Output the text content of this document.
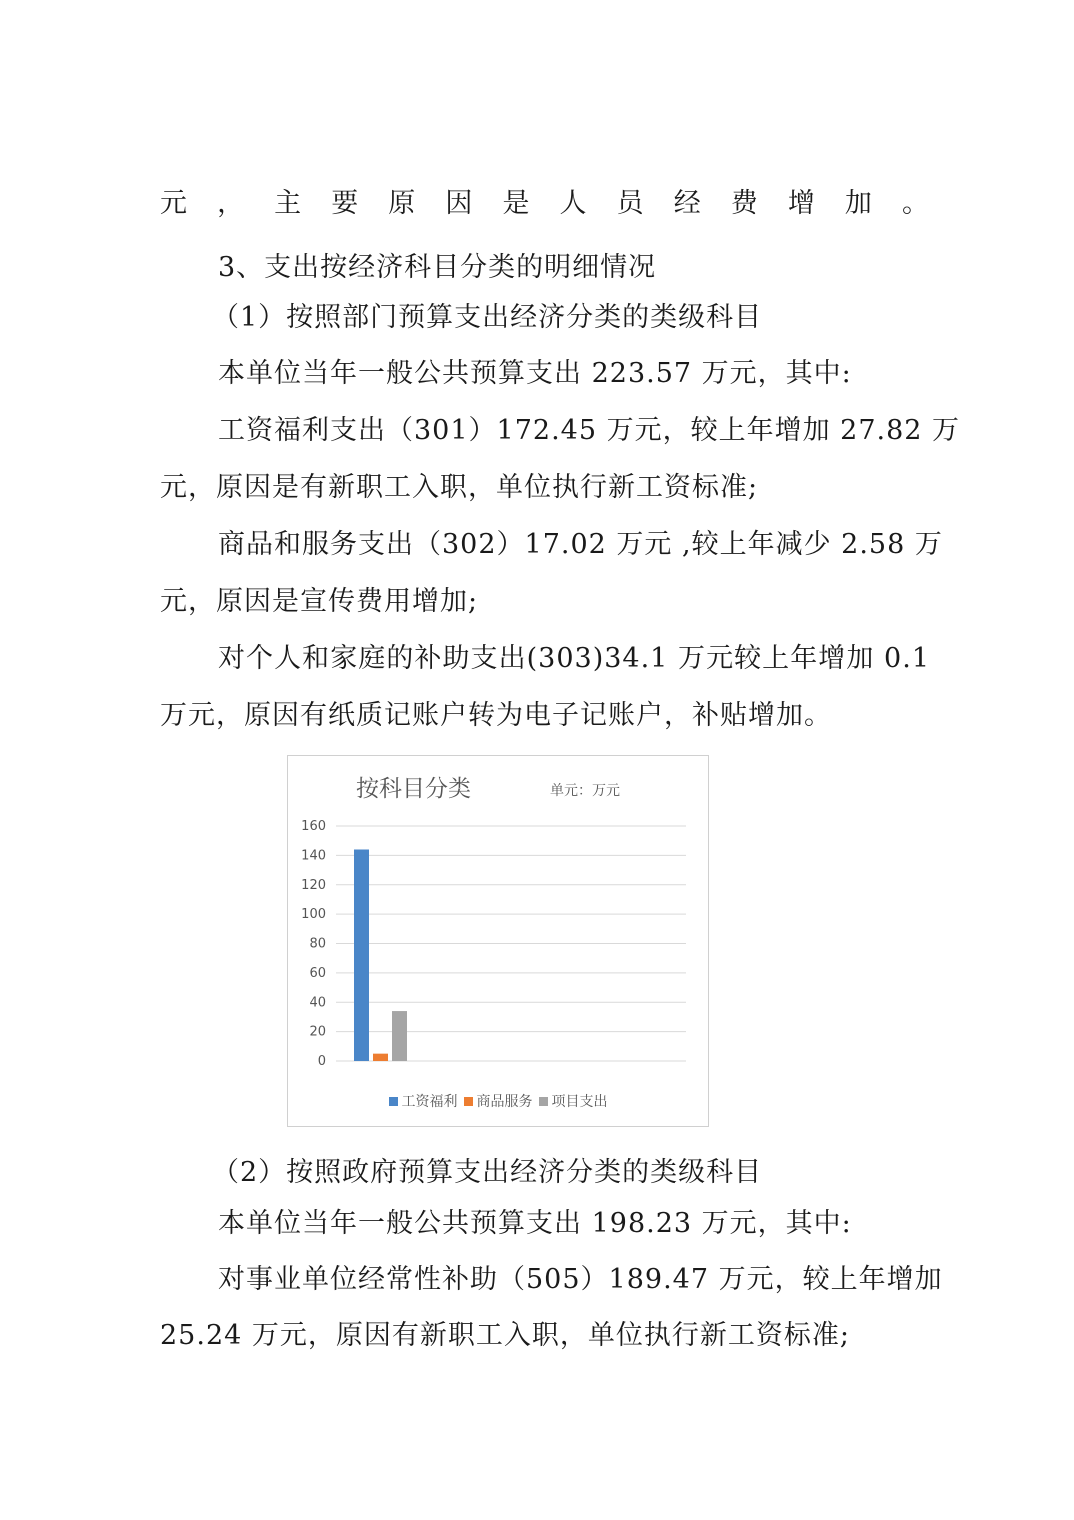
元，主要原因是人员经费增加。
3、支出按经济科目分类的明细情况
（1）按照部门预算支出经济分类的类级科目
本单位当年一般公共预算支出 223.57 万元，其中:
工资福利支出（301）172.45 万元，较上年增加 27.82 万
元，原因是有新职工入职，单位执行新工资标准;
商品和服务支出（302）17.02 万元 ,较上年减少 2.58 万
元，原因是宣传费用增加;
对个人和家庭的补助支出(303)34.1 万元较上年增加 0.1
万元，原因有纸质记账户转为电子记账户，补贴增加。
按科目分类	单元：万元
0
20
40
60
80
100
120
140
160
工资福利 商品服务 项目支出
（2）按照政府预算支出经济分类的类级科目
本单位当年一般公共预算支出 198.23 万元，其中:
对事业单位经常性补助（505）189.47 万元，较上年增加
25.24 万元，原因有新职工入职，单位执行新工资标准;
